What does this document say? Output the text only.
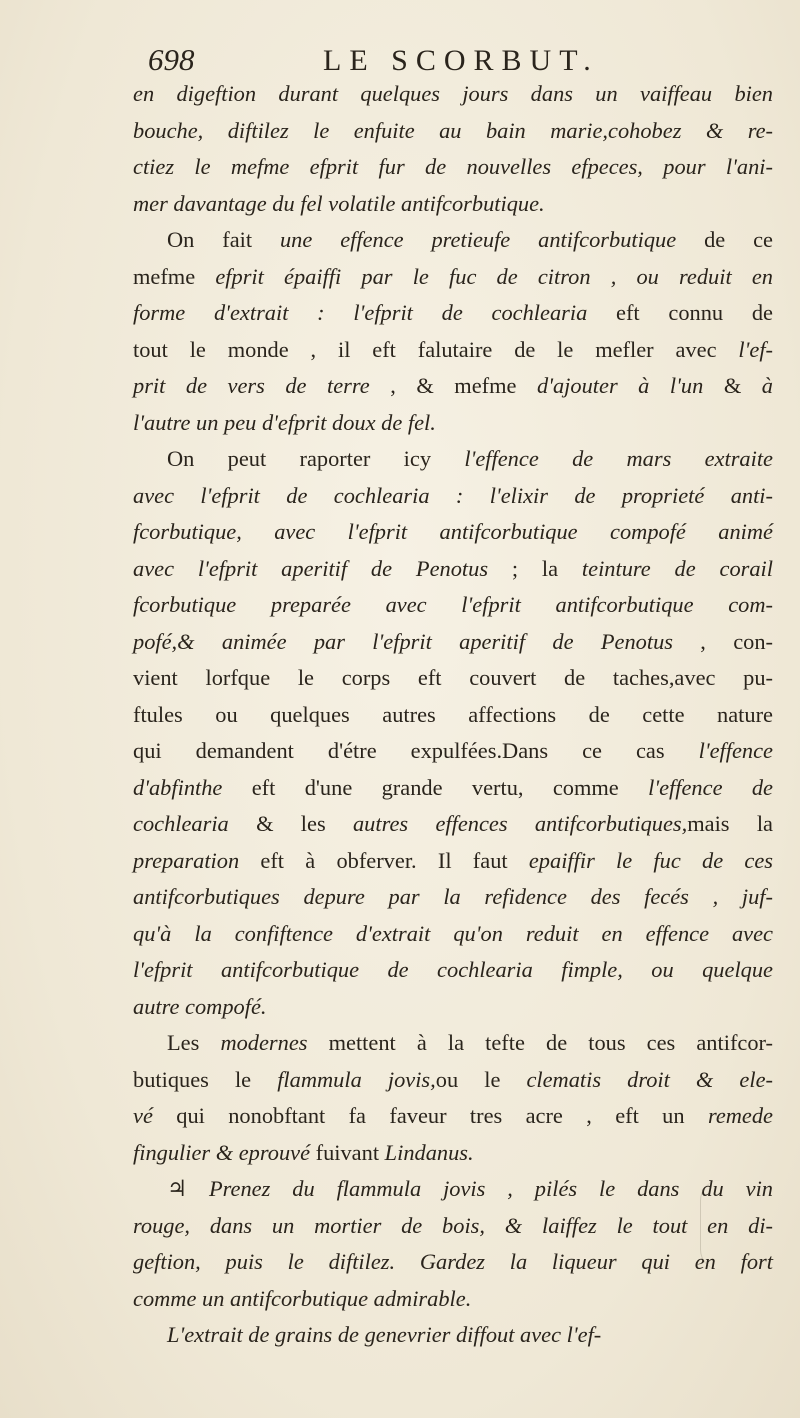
698	LE SCORBUT.
en digeftion durant quelques jours dans un vaiffeau bien
bouche, diftilez le enfuite au bain marie,cohobez & re-
ctiez le mefme efprit fur de nouvelles efpeces, pour l'ani-
mer davantage du fel volatile antifcorbutique.
On fait une effence pretieufe antifcorbutique de ce
mefme efprit épaiffi par le fuc de citron , ou reduit en
forme d'extrait : l'efprit de cochlearia eft connu de
tout le monde , il eft falutaire de le mefler avec l'ef-
prit de vers de terre , & mefme d'ajouter à l'un & à
l'autre un peu d'efprit doux de fel.
On peut raporter icy l'effence de mars extraite
avec l'efprit de cochlearia : l'elixir de proprieté anti-
fcorbutique, avec l'efprit antifcorbutique compofé animé
avec l'efprit aperitif de Penotus ; la teinture de corail
fcorbutique preparée avec l'efprit antifcorbutique com-
pofé,& animée par l'efprit aperitif de Penotus , con-
vient lorfque le corps eft couvert de taches,avec pu-
ftules ou quelques autres affections de cette nature
qui demandent d'étre expulfées.Dans ce cas l'effence
d'abfinthe eft d'une grande vertu, comme l'effence de
cochlearia & les autres effences antifcorbutiques,mais la
preparation eft à obferver. Il faut epaiffir le fuc de ces
antifcorbutiques depure par la refidence des fecés , juf-
qu'à la confiftence d'extrait qu'on reduit en effence avec
l'efprit antifcorbutique de cochlearia fimple, ou quelque
autre compofé.
Les modernes mettent à la tefte de tous ces antifcor-
butiques le flammula jovis,ou le clematis droit & ele-
vé qui nonobftant fa faveur tres acre , eft un remede
fingulier & eprouvé fuivant Lindanus.
♃ Prenez du flammula jovis , pilés le dans du vin
rouge, dans un mortier de bois, & laiffez le tout en di-
geftion, puis le diftilez. Gardez la liqueur qui en fort
comme un antifcorbutique admirable.
L'extrait de grains de genevrier diffout avec l'ef-
